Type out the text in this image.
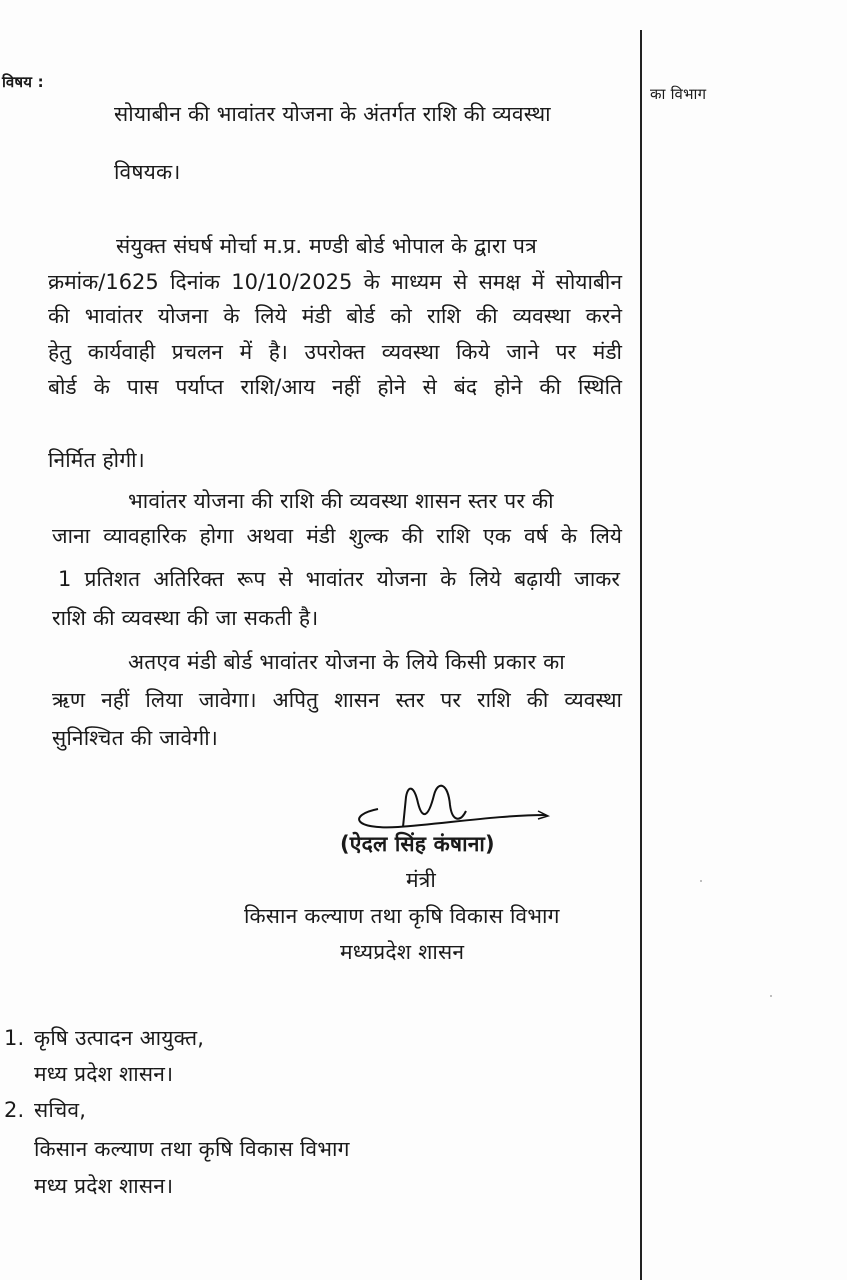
विषय :
का विभाग
सोयाबीन की भावांतर योजना के अंतर्गत राशि की व्यवस्था
विषयक।
संयुक्त संघर्ष मोर्चा म.प्र. मण्डी बोर्ड भोपाल के द्वारा पत्र
क्रमांक/1625 दिनांक 10/10/2025 के माध्यम से समक्ष में सोयाबीन
की भावांतर योजना के लिये मंडी बोर्ड को राशि की व्यवस्था करने
हेतु कार्यवाही प्रचलन में है। उपरोक्त व्यवस्था किये जाने पर मंडी
बोर्ड के पास पर्याप्त राशि/आय नहीं होने से बंद होने की स्थिति
निर्मित होगी।
भावांतर योजना की राशि की व्यवस्था शासन स्तर पर की
जाना व्यावहारिक होगा अथवा मंडी शुल्क की राशि एक वर्ष के लिये
1 प्रतिशत अतिरिक्त रूप से भावांतर योजना के लिये बढ़ायी जाकर
राशि की व्यवस्था की जा सकती है।
अतएव मंडी बोर्ड भावांतर योजना के लिये किसी प्रकार का
ऋण नहीं लिया जावेगा। अपितु शासन स्तर पर राशि की व्यवस्था
सुनिश्चित की जावेगी।
(ऐदल सिंह कंषाना)
मंत्री
किसान कल्याण तथा कृषि विकास विभाग
मध्यप्रदेश शासन
1. कृषि उत्पादन आयुक्त,
मध्य प्रदेश शासन।
2. सचिव,
किसान कल्याण तथा कृषि विकास विभाग
मध्य प्रदेश शासन।
